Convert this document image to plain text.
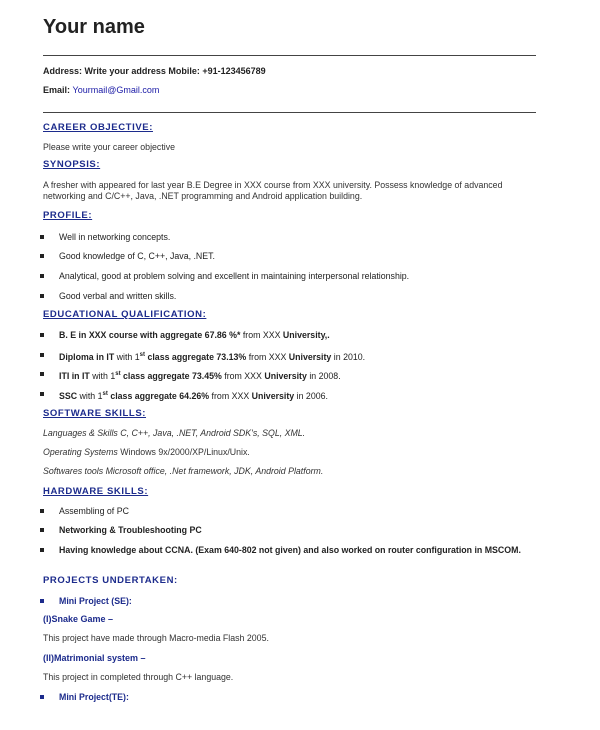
Your name
Address: Write your address Mobile: +91-123456789
Email: Yourmail@Gmail.com
CAREER OBJECTIVE:
Please write your career objective
SYNOPSIS:
A fresher with appeared for last year B.E Degree in XXX course from XXX university. Possess knowledge of advanced networking and C/C++, Java, .NET programming and Android application building.
PROFILE:
Well in networking concepts.
Good knowledge of C, C++, Java, .NET.
Analytical, good at problem solving and excellent in maintaining interpersonal relationship.
Good verbal and written skills.
EDUCATIONAL QUALIFICATION:
B. E in XXX course with aggregate 67.86 %* from XXX University,.
Diploma in IT with 1st class aggregate 73.13% from XXX University in 2010.
ITI in IT with 1st class aggregate 73.45% from XXX University in 2008.
SSC with 1st class aggregate 64.26% from XXX University in 2006.
SOFTWARE SKILLS:
Languages & Skills C, C++, Java, .NET, Android SDK's, SQL, XML.
Operating Systems Windows 9x/2000/XP/Linux/Unix.
Softwares tools Microsoft office, .Net framework, JDK, Android Platform.
HARDWARE SKILLS:
Assembling of PC
Networking & Troubleshooting PC
Having knowledge about CCNA. (Exam 640-802 not given) and also worked on router configuration in MSCOM.
PROJECTS UNDERTAKEN:
Mini Project (SE):
(I)Snake Game –
This project have made through Macro-media Flash 2005.
(II)Matrimonial system –
This project in completed through C++ language.
Mini Project(TE):
